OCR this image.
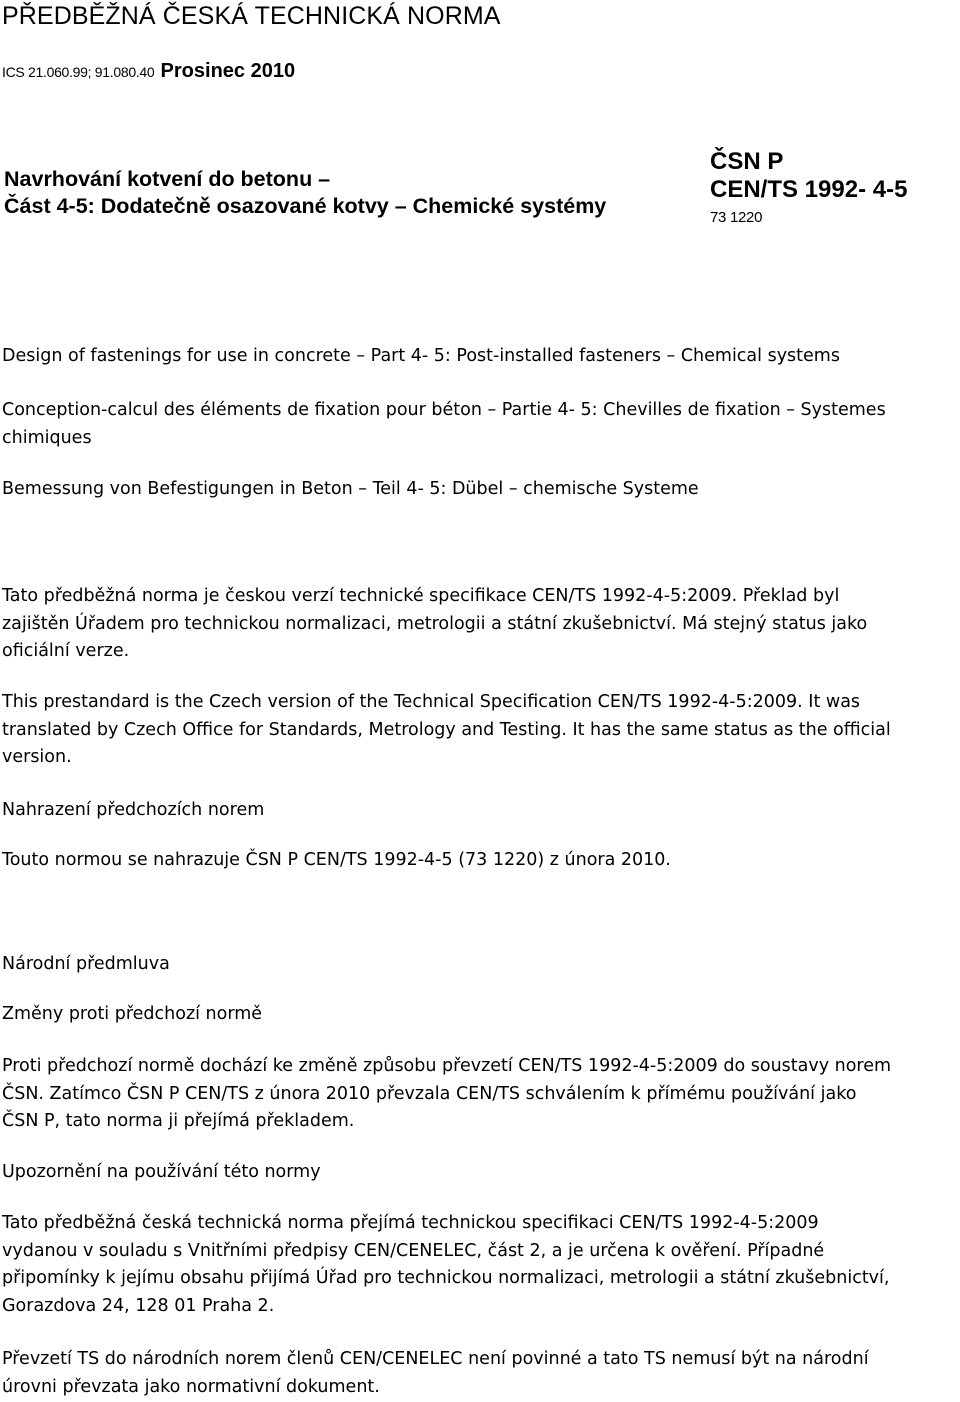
PŘEDBĚŽNÁ ČESKÁ TECHNICKÁ NORMA
ICS 21.060.99; 91.080.40 Prosinec 2010
Navrhování kotvení do betonu –
Část 4-5: Dodatečně osazované kotvy – Chemické systémy
ČSN P
CEN/TS 1992- 4-5
73 1220
Design of fastenings for use in concrete – Part 4- 5: Post-installed fasteners – Chemical systems
Conception-calcul des éléments de fixation pour béton – Partie 4- 5: Chevilles de fixation – Systemes
chimiques
Bemessung von Befestigungen in Beton – Teil 4- 5: Dübel – chemische Systeme
Tato předběžná norma je českou verzí technické specifikace CEN/TS 1992-4-5:2009. Překlad byl
zajištěn Úřadem pro technickou normalizaci, metrologii a státní zkušebnictví. Má stejný status jako
oficiální verze.
This prestandard is the Czech version of the Technical Specification CEN/TS 1992-4-5:2009. It was
translated by Czech Office for Standards, Metrology and Testing. It has the same status as the official
version.
Nahrazení předchozích norem
Touto normou se nahrazuje ČSN P CEN/TS 1992-4-5 (73 1220) z února 2010.
Národní předmluva
Změny proti předchozí normě
Proti předchozí normě dochází ke změně způsobu převzetí CEN/TS 1992-4-5:2009 do soustavy norem
ČSN. Zatímco ČSN P CEN/TS z února 2010 převzala CEN/TS schválením k přímému používání jako
ČSN P, tato norma ji přejímá překladem.
Upozornění na používání této normy
Tato předběžná česká technická norma přejímá technickou specifikaci CEN/TS 1992-4-5:2009
vydanou v souladu s Vnitřními předpisy CEN/CENELEC, část 2, a je určena k ověření. Případné
připomínky k jejímu obsahu přijímá Úřad pro technickou normalizaci, metrologii a státní zkušebnictví,
Gorazdova 24, 128 01 Praha 2.
Převzetí TS do národních norem členů CEN/CENELEC není povinné a tato TS nemusí být na národní
úrovni převzata jako normativní dokument.
